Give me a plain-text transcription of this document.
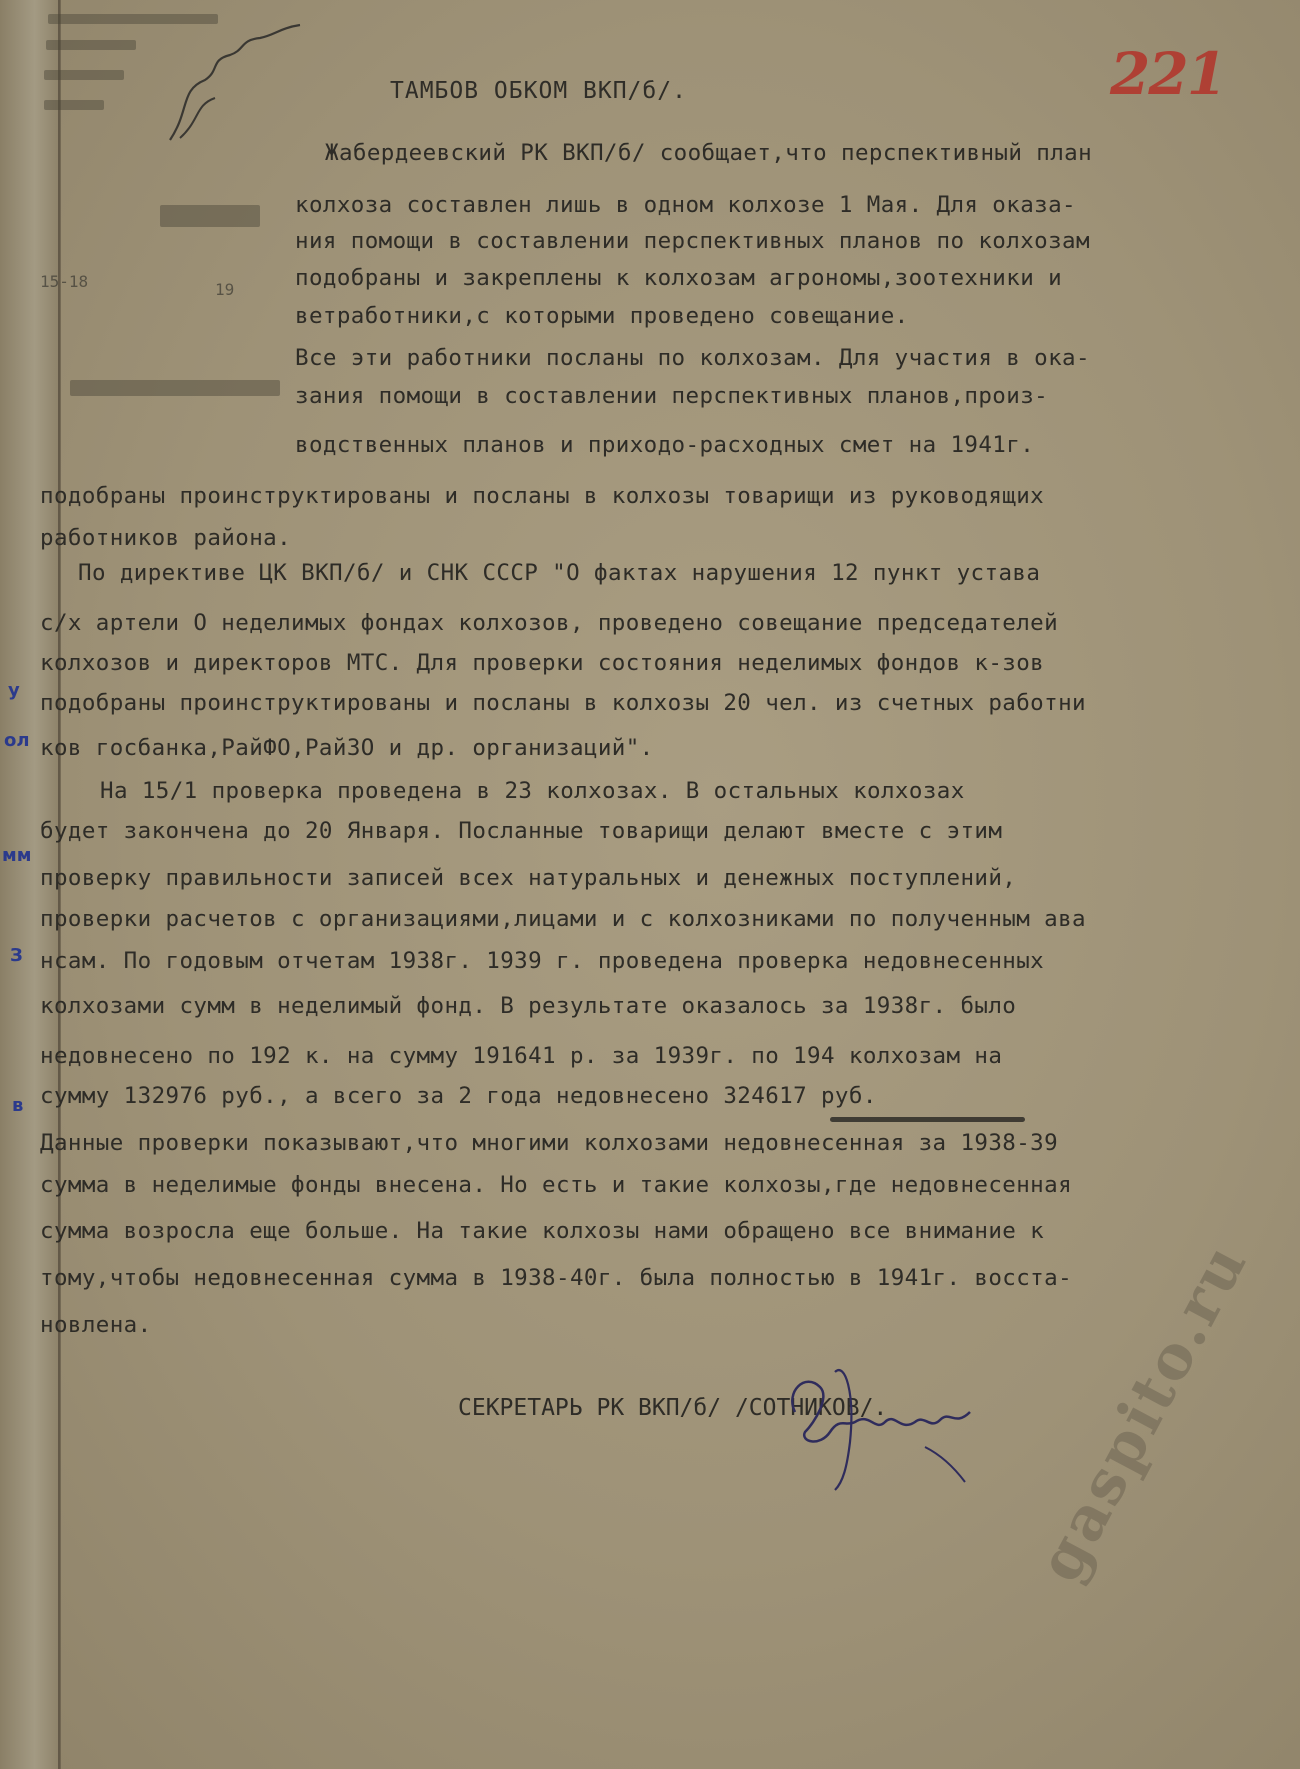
15-18	19
221
у
ол
мм
З
в
ТАМБОВ ОБКОМ ВКП/б/.
Жабердеевский РК ВКП/б/ сообщает,что перспективный план
колхоза составлен лишь в одном колхозе 1 Мая. Для оказа-
ния помощи в составлении перспективных планов по колхозам
подобраны и закреплены к колхозам агрономы,зоотехники и
ветработники,с которыми проведено совещание.
Все эти работники посланы по колхозам. Для участия в ока-
зания помощи в составлении перспективных планов,произ-
водственных планов и приходо-расходных смет на 1941г.
подобраны проинструктированы и посланы в колхозы товарищи из руководящих
работников района.
По директиве ЦК ВКП/б/ и СНК СССР "О фактах нарушения 12 пункт устава
с/х артели О неделимых фондах колхозов, проведено совещание председателей
колхозов и директоров МТС. Для проверки состояния неделимых фондов к-зов
подобраны проинструктированы и посланы в колхозы 20 чел. из счетных работни
ков госбанка,РайФО,РайЗО и др. организаций".
На 15/1 проверка проведена в 23 колхозах. В остальных колхозах
будет закончена до 20 Января. Посланные товарищи делают вместе с этим
проверку правильности записей всех натуральных и денежных поступлений,
проверки расчетов с организациями,лицами и с колхозниками по полученным ава
нсам. По годовым отчетам 1938г. 1939 г. проведена проверка недовнесенных
колхозами сумм в неделимый фонд. В результате оказалось за 1938г. было
недовнесено по 192 к. на сумму 191641 р. за 1939г. по 194 колхозам на
сумму 132976 руб., а всего за 2 года недовнесено 324617 руб.
Данные проверки показывают,что многими колхозами недовнесенная за 1938-39
сумма в неделимые фонды внесена. Но есть и такие колхозы,где недовнесенная
сумма возросла еще больше. На такие колхозы нами обращено все внимание к
тому,чтобы недовнесенная сумма в 1938-40г. была полностью в 1941г. восста-
новлена.
СЕКРЕТАРЬ РК ВКП/б/ /СОТНИКОВ/. gaspito.ru
